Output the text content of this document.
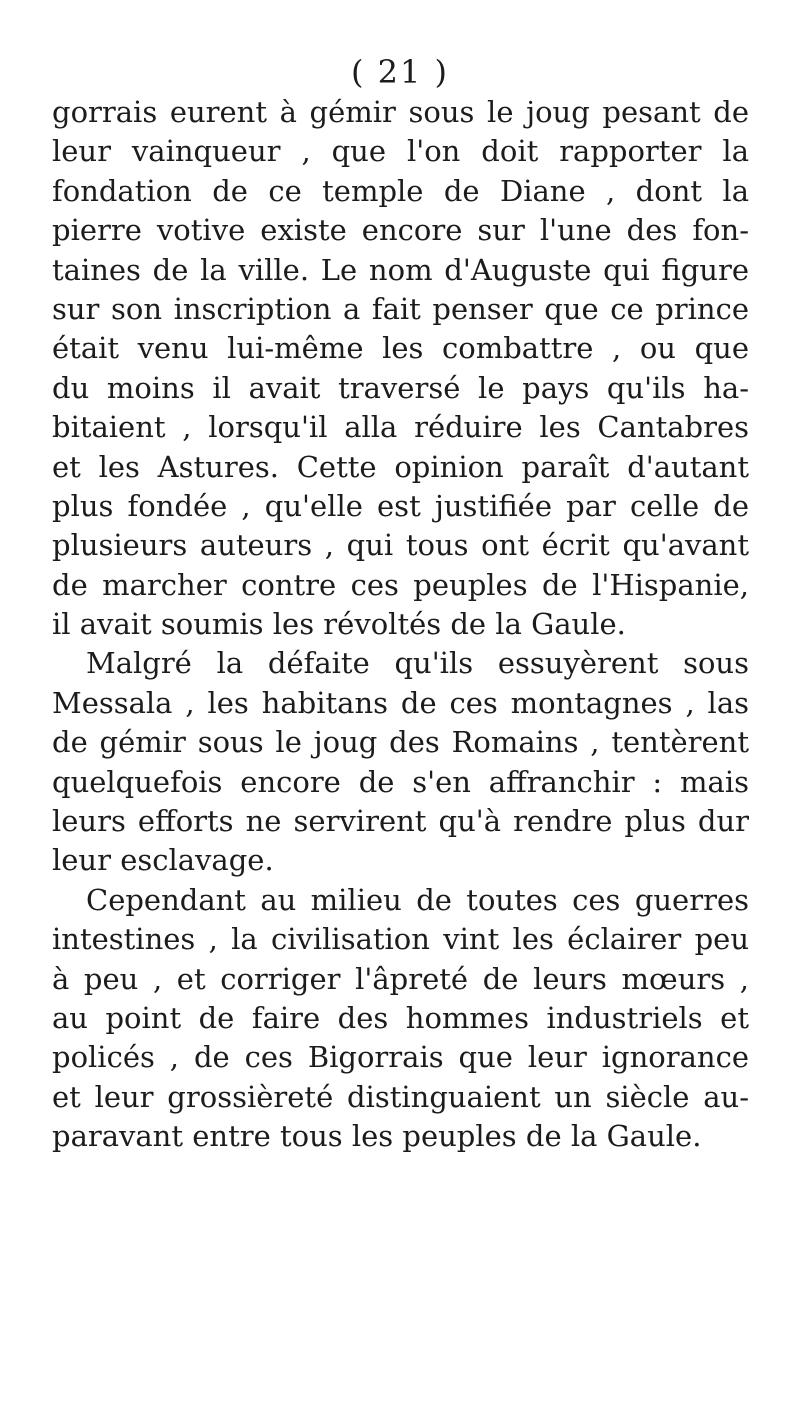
( 21 )
gorrais eurent à gémir sous le joug pesant de
leur vainqueur , que l'on doit rapporter la
fondation de ce temple de Diane , dont la
pierre votive existe encore sur l'une des fon-
taines de la ville. Le nom d'Auguste qui figure
sur son inscription a fait penser que ce prince
était venu lui-même les combattre , ou que
du moins il avait traversé le pays qu'ils ha-
bitaient , lorsqu'il alla réduire les Cantabres
et les Astures. Cette opinion paraît d'autant
plus fondée , qu'elle est justifiée par celle de
plusieurs auteurs , qui tous ont écrit qu'avant
de marcher contre ces peuples de l'Hispanie,
il avait soumis les révoltés de la Gaule.
Malgré la défaite qu'ils essuyèrent sous
Messala , les habitans de ces montagnes , las
de gémir sous le joug des Romains , tentèrent
quelquefois encore de s'en affranchir : mais
leurs efforts ne servirent qu'à rendre plus dur
leur esclavage.
Cependant au milieu de toutes ces guerres
intestines , la civilisation vint les éclairer peu
à peu , et corriger l'âpreté de leurs mœurs ,
au point de faire des hommes industriels et
policés , de ces Bigorrais que leur ignorance
et leur grossièreté distinguaient un siècle au-
paravant entre tous les peuples de la Gaule.
